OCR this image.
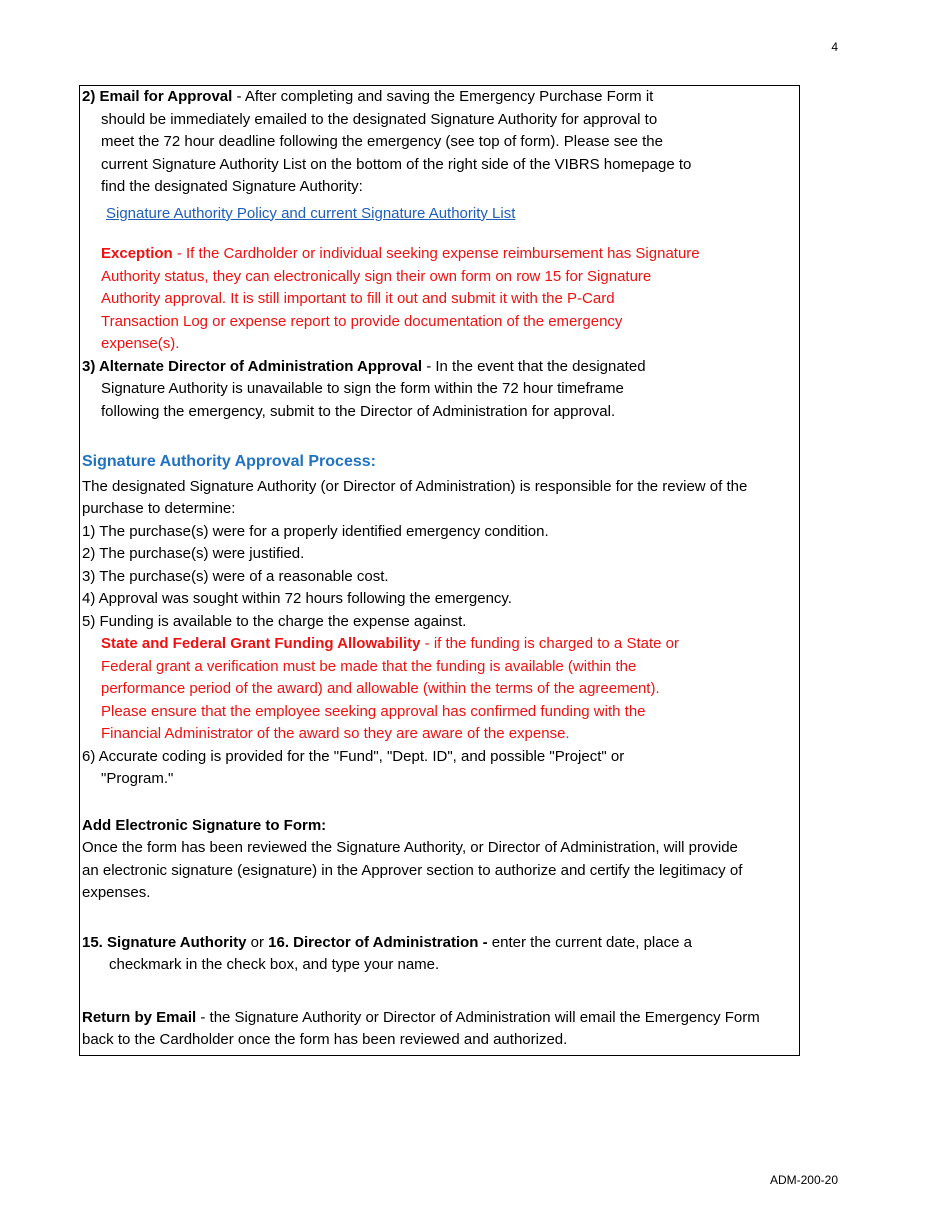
4
2) Email for Approval - After completing and saving the Emergency Purchase Form it
should be immediately emailed to the designated Signature Authority for approval to
meet the 72 hour deadline following the emergency (see top of form). Please see the
current Signature Authority List on the bottom of the right side of the VIBRS homepage to
find the designated Signature Authority:
Signature Authority Policy and current Signature Authority List
Exception - If the Cardholder or individual seeking expense reimbursement has Signature
Authority status, they can electronically sign their own form on row 15 for Signature
Authority approval. It is still important to fill it out and submit it with the P-Card
Transaction Log or expense report to provide documentation of the emergency
expense(s).
3) Alternate Director of Administration Approval - In the event that the designated
Signature Authority is unavailable to sign the form within the 72 hour timeframe
following the emergency, submit to the Director of Administration for approval.
Signature Authority Approval Process:
The designated Signature Authority (or Director of Administration) is responsible for the review of the
purchase to determine:
1) The purchase(s) were for a properly identified emergency condition.
2) The purchase(s) were justified.
3) The purchase(s) were of a reasonable cost.
4) Approval was sought within 72 hours following the emergency.
5) Funding is available to the charge the expense against.
State and Federal Grant Funding Allowability - if the funding is charged to a State or
Federal grant a verification must be made that the funding is available (within the
performance period of the award) and allowable (within the terms of the agreement).
Please ensure that the employee seeking approval has confirmed funding with the
Financial Administrator of the award so they are aware of the expense.
6) Accurate coding is provided for the "Fund", "Dept. ID", and possible "Project" or
"Program."
Add Electronic Signature to Form:
Once the form has been reviewed the Signature Authority, or Director of Administration, will provide
an electronic signature (esignature) in the Approver section to authorize and certify the legitimacy of
expenses.
15. Signature Authority or 16. Director of Administration - enter the current date, place a
checkmark in the check box, and type your name.
Return by Email - the Signature Authority or Director of Administration will email the Emergency Form
back to the Cardholder once the form has been reviewed and authorized.
ADM-200-20
